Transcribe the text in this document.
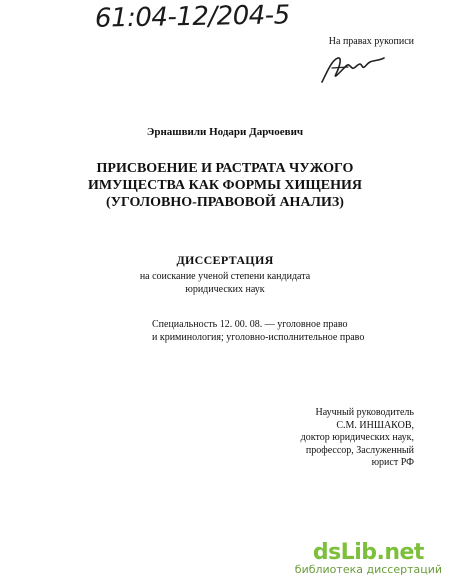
61:04-12/204-5
На правах рукописи
Эрнашвили Нодари Дарчоевич
ПРИСВОЕНИЕ И РАСТРАТА ЧУЖОГО
ИМУЩЕСТВА КАК ФОРМЫ ХИЩЕНИЯ
(УГОЛОВНО-ПРАВОВОЙ АНАЛИЗ)
ДИССЕРТАЦИЯ
на соискание ученой степени кандидата
юридических наук
Специальность 12. 00. 08. — уголовное право
и криминология; уголовно-исполнительное право
Научный руководитель
С.М. ИНШАКОВ,
доктор юридических наук,
профессор, Заслуженный
юрист РФ
dsLib.net
библиотека диссертаций
